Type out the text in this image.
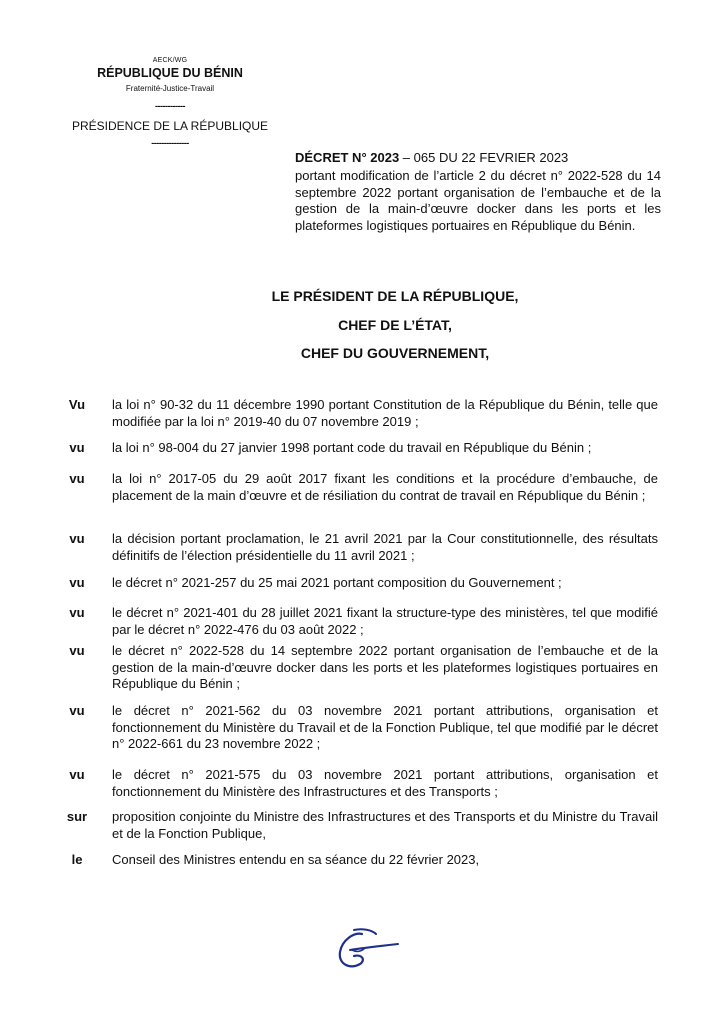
AECK/WG
RÉPUBLIQUE DU BÉNIN
Fraternité-Justice-Travail
------------
PRÉSIDENCE DE LA RÉPUBLIQUE
---------------
DÉCRET N° 2023 – 065 DU 22 FEVRIER 2023
portant modification de l’article 2 du décret n° 2022-528 du 14 septembre 2022 portant organisation de l’embauche et de la gestion de la main-d’œuvre docker dans les ports et les plateformes logistiques portuaires en République du Bénin.
LE PRÉSIDENT DE LA RÉPUBLIQUE,
CHEF DE L’ÉTAT,
CHEF DU GOUVERNEMENT,
Vu	la loi n° 90-32 du 11 décembre 1990 portant Constitution de la République du Bénin, telle que modifiée par la loi n° 2019-40 du 07 novembre 2019 ;
vu	la loi n° 98-004 du 27 janvier 1998 portant code du travail en République du Bénin ;
vu	la loi n° 2017-05 du 29 août 2017 fixant les conditions et la procédure d’embauche, de placement de la main d’œuvre et de résiliation du contrat de travail en République du Bénin ;
vu	la décision portant proclamation, le 21 avril 2021 par la Cour constitutionnelle, des résultats définitifs de l’élection présidentielle du 11 avril 2021 ;
vu	le décret n° 2021-257 du 25 mai 2021 portant composition du Gouvernement ;
vu	le décret n° 2021-401 du 28 juillet 2021 fixant la structure-type des ministères, tel que modifié par le décret n° 2022-476 du 03 août 2022 ;
vu	le décret n° 2022-528 du 14 septembre 2022 portant organisation de l’embauche et de la gestion de la main-d’œuvre docker dans les ports et les plateformes logistiques portuaires en République du Bénin ;
vu	le décret n° 2021-562 du 03 novembre 2021 portant attributions, organisation et fonctionnement du Ministère du Travail et de la Fonction Publique, tel que modifié par le décret n° 2022-661 du 23 novembre 2022 ;
vu	le décret n° 2021-575 du 03 novembre 2021 portant attributions, organisation et fonctionnement du Ministère des Infrastructures et des Transports ;
sur	proposition conjointe du Ministre des Infrastructures et des Transports et du Ministre du Travail et de la Fonction Publique,
le	Conseil des Ministres entendu en sa séance du 22 février 2023,
